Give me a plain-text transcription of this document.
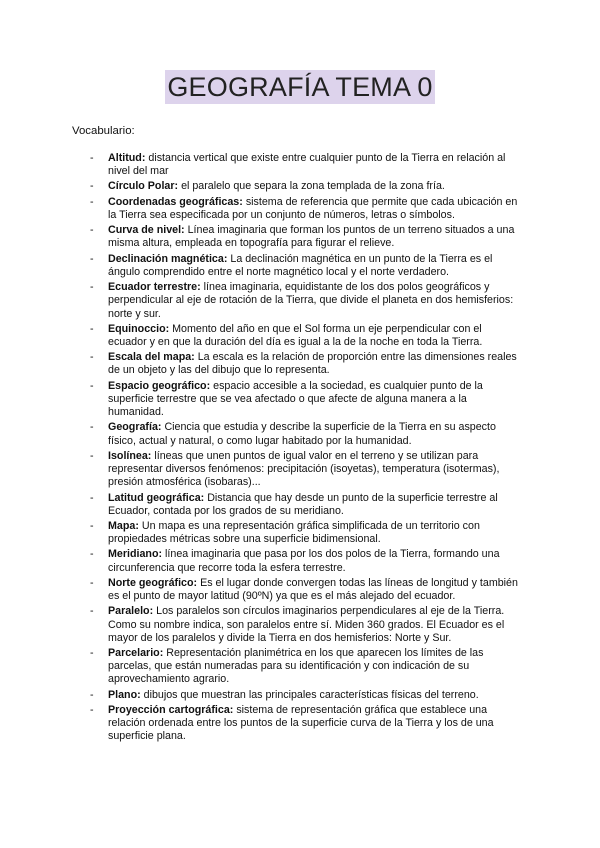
GEOGRAFÍA TEMA 0
Vocabulario:
- Altitud: distancia vertical que existe entre cualquier punto de la Tierra en relación al nivel del mar
- Círculo Polar: el paralelo que separa la zona templada de la zona fría.
- Coordenadas geográficas: sistema de referencia que permite que cada ubicación en la Tierra sea especificada por un conjunto de números, letras o símbolos.
- Curva de nivel: Línea imaginaria que forman los puntos de un terreno situados a una misma altura, empleada en topografía para figurar el relieve.
- Declinación magnética: La declinación magnética en un punto de la Tierra es el ángulo comprendido entre el norte magnético local y el norte verdadero.
- Ecuador terrestre: línea imaginaria, equidistante de los dos polos geográficos y perpendicular al eje de rotación de la Tierra, que divide el planeta en dos hemisferios: norte y sur.
- Equinoccio: Momento del año en que el Sol forma un eje perpendicular con el ecuador y en que la duración del día es igual a la de la noche en toda la Tierra.
- Escala del mapa: La escala es la relación de proporción entre las dimensiones reales de un objeto y las del dibujo que lo representa.
- Espacio geográfico: espacio accesible a la sociedad, es cualquier punto de la superficie terrestre que se vea afectado o que afecte de alguna manera a la humanidad.
- Geografía: Ciencia que estudia y describe la superficie de la Tierra en su aspecto físico, actual y natural, o como lugar habitado por la humanidad.
- Isolínea: líneas que unen puntos de igual valor en el terreno y se utilizan para representar diversos fenómenos: precipitación (isoyetas), temperatura (isotermas), presión atmosférica (isobaras)...
- Latitud geográfica: Distancia que hay desde un punto de la superficie terrestre al Ecuador, contada por los grados de su meridiano.
- Mapa: Un mapa es una representación gráfica simplificada de un territorio con propiedades métricas sobre una superficie bidimensional.
- Meridiano: línea imaginaria que pasa por los dos polos de la Tierra, formando una circunferencia que recorre toda la esfera terrestre.
- Norte geográfico: Es el lugar donde convergen todas las líneas de longitud y también es el punto de mayor latitud (90ºN) ya que es el más alejado del ecuador.
- Paralelo: Los paralelos son círculos imaginarios perpendiculares al eje de la Tierra. Como su nombre indica, son paralelos entre sí. Miden 360 grados. El Ecuador es el mayor de los paralelos y divide la Tierra en dos hemisferios: Norte y Sur.
- Parcelario: Representación planimétrica en los que aparecen los límites de las parcelas, que están numeradas para su identificación y con indicación de su aprovechamiento agrario.
- Plano: dibujos que muestran las principales características físicas del terreno.
- Proyección cartográfica: sistema de representación gráfica que establece una relación ordenada entre los puntos de la superficie curva de la Tierra y los de una superficie plana.
